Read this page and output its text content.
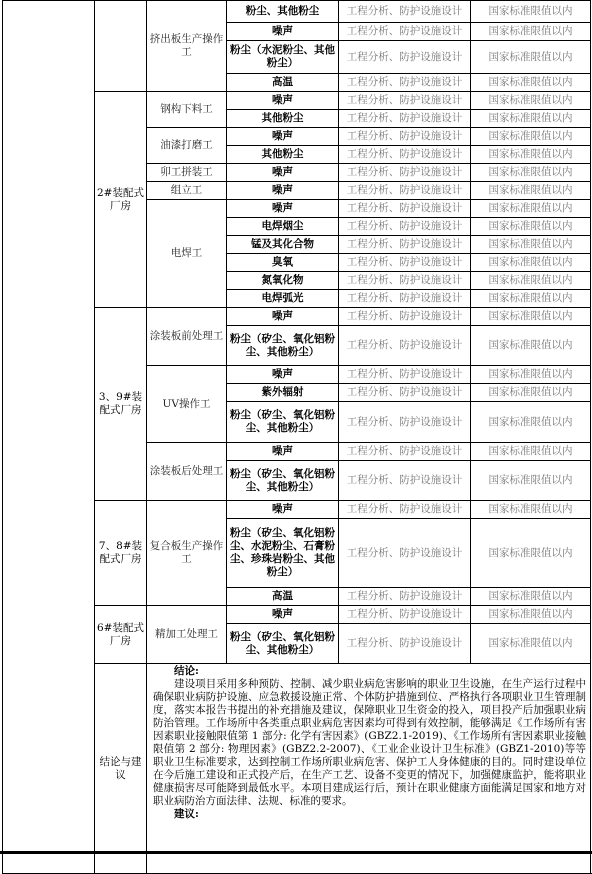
		挤出板生产操作工	粉尘、其他粉尘	工程分析、防护设施设计	国家标准限值以内
			噪声	工程分析、防护设施设计	国家标准限值以内
			粉尘（水泥粉尘、其他粉尘）	工程分析、防护设施设计	国家标准限值以内
			高温	工程分析、防护设施设计	国家标准限值以内
	2#装配式厂房	钢构下料工	噪声	工程分析、防护设施设计	国家标准限值以内
			其他粉尘	工程分析、防护设施设计	国家标准限值以内
		油漆打磨工	噪声	工程分析、防护设施设计	国家标准限值以内
			其他粉尘	工程分析、防护设施设计	国家标准限值以内
		卯工拼装工	噪声	工程分析、防护设施设计	国家标准限值以内
		组立工	噪声	工程分析、防护设施设计	国家标准限值以内
		电焊工	噪声	工程分析、防护设施设计	国家标准限值以内
			电焊烟尘	工程分析、防护设施设计	国家标准限值以内
			锰及其化合物	工程分析、防护设施设计	国家标准限值以内
			臭氧	工程分析、防护设施设计	国家标准限值以内
			氮氧化物	工程分析、防护设施设计	国家标准限值以内
			电焊弧光	工程分析、防护设施设计	国家标准限值以内
	3、9#装配式厂房	涂装板前处理工	噪声	工程分析、防护设施设计	国家标准限值以内
			粉尘（矽尘、氧化铝粉尘、其他粉尘）	工程分析、防护设施设计	国家标准限值以内
		UV操作工	噪声	工程分析、防护设施设计	国家标准限值以内
			紫外辐射	工程分析、防护设施设计	国家标准限值以内
			粉尘（矽尘、氧化铝粉尘、其他粉尘）	工程分析、防护设施设计	国家标准限值以内
		涂装板后处理工	噪声	工程分析、防护设施设计	国家标准限值以内
			粉尘（矽尘、氧化铝粉尘、其他粉尘）	工程分析、防护设施设计	国家标准限值以内
	7、8#装配式厂房	复合板生产操作工	噪声	工程分析、防护设施设计	国家标准限值以内
			粉尘（矽尘、氧化铝粉尘、水泥粉尘、石膏粉尘、珍珠岩粉尘、其他粉尘）	工程分析、防护设施设计	国家标准限值以内
			高温	工程分析、防护设施设计	国家标准限值以内
	6#装配式厂房	精加工处理工	噪声	工程分析、防护设施设计	国家标准限值以内
			粉尘（矽尘、氧化铝粉尘、其他粉尘）	工程分析、防护设施设计	国家标准限值以内
	结论与建议	结论:

建设项目采用多种预防、控制、减少职业病危害影响的职业卫生设施，在生产运行过程中确保职业病防护设施、应急救援设施正常、个体防护措施到位、严格执行各项职业卫生管理制度，落实本报告书提出的补充措施及建议，保障职业卫生资金的投入，项目投产后加强职业病防治管理。工作场所中各类重点职业病危害因素均可得到有效控制，能够满足《工作场所有害因素职业接触限值第 1 部分: 化学有害因素》(GBZ2.1-2019)、《工作场所有害因素职业接触限值第 2 部分: 物理因素》(GBZ2.2-2007)、《工业企业设计卫生标准》(GBZ1-2010)等等职业卫生标准要求，达到控制工作场所职业病危害、保护工人身体健康的目的。同时建设单位在今后施工建设和正式投产后，在生产工艺、设备不变更的情况下，加强健康监护，能将职业健康损害尽可能降到最低水平。本项目建成运行后，预计在职业健康方面能满足国家和地方对职业病防治方面法律、法规、标准的要求。

建议:			
